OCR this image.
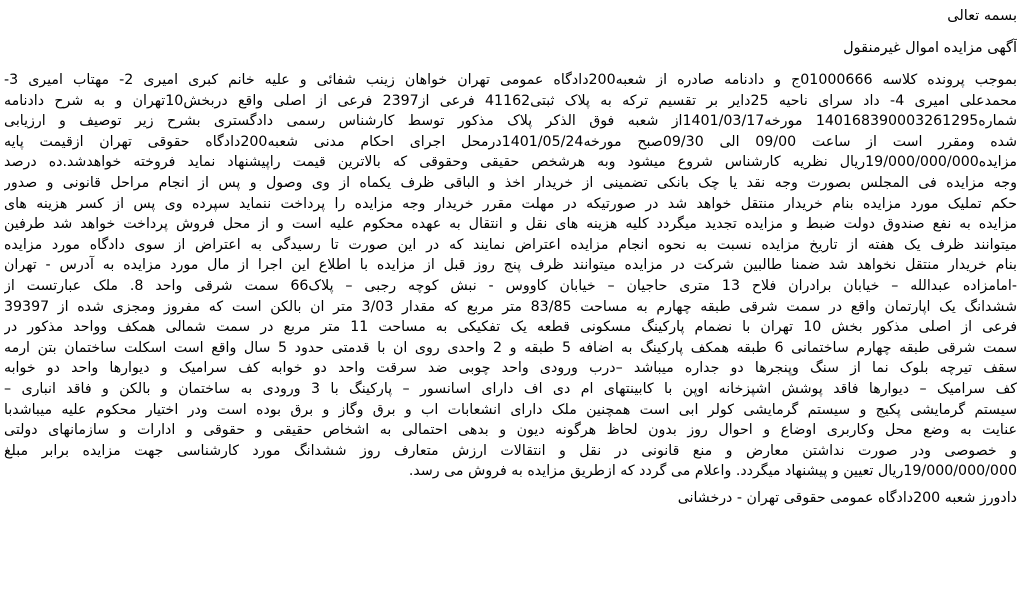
بسمه تعالی

آگهی مزایده اموال غیرمنقول

بموجب پرونده کلاسه 01000666ج و دادنامه صادره از شعبه200دادگاه عمومی تهران خواهان زینب شفائی و علیه خانم کبری امیری 2- مهتاب امیری 3-
محمدعلی امیری 4- داد سرای ناحیه 25دایر بر تقسیم ترکه به پلاک ثبتی41162 فرعی از2397 فرعی از اصلی واقع دربخش10تهران و به شرح دادنامه
شماره140168390003261295 مورخه1401/03/17از شعبه فوق الذکر پلاک مذکور توسط کارشناس رسمی دادگستری بشرح زیر توصیف و ارزیابی
شده ومقرر است از ساعت 09/00 الی 09/30صبح مورخه1401/05/24درمحل اجرای احکام مدنی شعبه200دادگاه حقوقی تهران ازقیمت پایه
مزایده19/000/000/000ریال نظریه کارشناس شروع میشود وبه هرشخص حقیقی وحقوقی که بالاترین قیمت راپیشنهاد نماید فروخته خواهدشد.ده درصد
وجه مزایده فی المجلس بصورت وجه نقد یا چک بانکی تضمینی از خریدار اخذ و الباقی ظرف یکماه از وی وصول و پس از انجام مراحل قانونی و صدور
حکم تملیک مورد مزایده بنام خریدار منتقل خواهد شد در صورتیکه در مهلت مقرر خریدار وجه مزایده را پرداخت ننماید سپرده وی پس از کسر هزینه های
مزایده به نفع صندوق دولت ضبط و مزایده تجدید میگردد کلیه هزینه های نقل و انتقال به عهده محکوم علیه است و از محل فروش پرداخت خواهد شد طرفین
میتوانند ظرف یک هفته از تاریخ مزایده نسبت به نحوه انجام مزایده اعتراض نمایند که در این صورت تا رسیدگی به اعتراض از سوی دادگاه مورد مزایده
بنام خریدار منتقل نخواهد شد ضمنا طالبین شرکت در مزایده میتوانند ظرف پنج روز قبل از مزایده با اطلاع این اجرا از مال مورد مزایده به آدرس - تهران
-امامزاده عبدالله – خیابان برادران فلاح 13 متری حاجیان – خیابان کاووس - نبش کوچه رجبی – پلاک66 سمت شرقی واحد 8. ملک عبارتست از
ششدانگ یک اپارتمان واقع در سمت شرقی طبقه چهارم به مساحت 83/85 متر مربع که مقدار 3/03 متر ان بالکن است که مفروز ومجزی شده از 39397
فرعی از اصلی مذکور بخش 10 تهران با نضمام پارکینگ مسکونی قطعه یک تفکیکی به مساحت 11 متر مربع در سمت شمالی همکف وواحد مذکور در
سمت شرقی طبقه چهارم ساختمانی 6 طبقه همکف پارکینگ به اضافه 5 طبقه و 2 واحدی روی ان با قدمتی حدود 5 سال واقع است اسکلت ساختمان بتن ارمه
سقف تیرچه بلوک نما از سنگ وپنجرها دو جداره میباشد –درب ورودی واحد چوبی ضد سرقت واحد دو خوابه کف سرامیک و دیوارها واحد دو خوابه
کف سرامیک – دیوارها فاقد پوشش اشپزخانه اوپن با کابینتهای ام دی اف دارای اسانسور – پارکینگ با 3 ورودی به ساختمان و بالکن و فاقد انباری –
سیستم گرمایشی پکیج و سیستم گرمایشی کولر ابی است همچنین ملک دارای انشعابات اب و برق وگاز و برق بوده است ودر اختیار محکوم علیه میباشدبا
عنایت به وضع محل وکاربری اوضاع و احوال روز بدون لحاظ هرگونه دیون و بدهی احتمالی به اشخاص حقیقی و حقوقی و ادارات و سازمانهای دولتی
و خصوصی ودر صورت نداشتن معارض و منع قانونی در نقل و انتقالات ارزش متعارف روز ششدانگ مورد کارشناسی جهت مزایده برابر مبلغ
19/000/000/000ریال تعیین و پیشنهاد میگردد. واعلام می گردد که ازطریق مزایده به فروش می رسد.

دادورز شعبه 200دادگاه عمومی حقوقی تهران - درخشانی
